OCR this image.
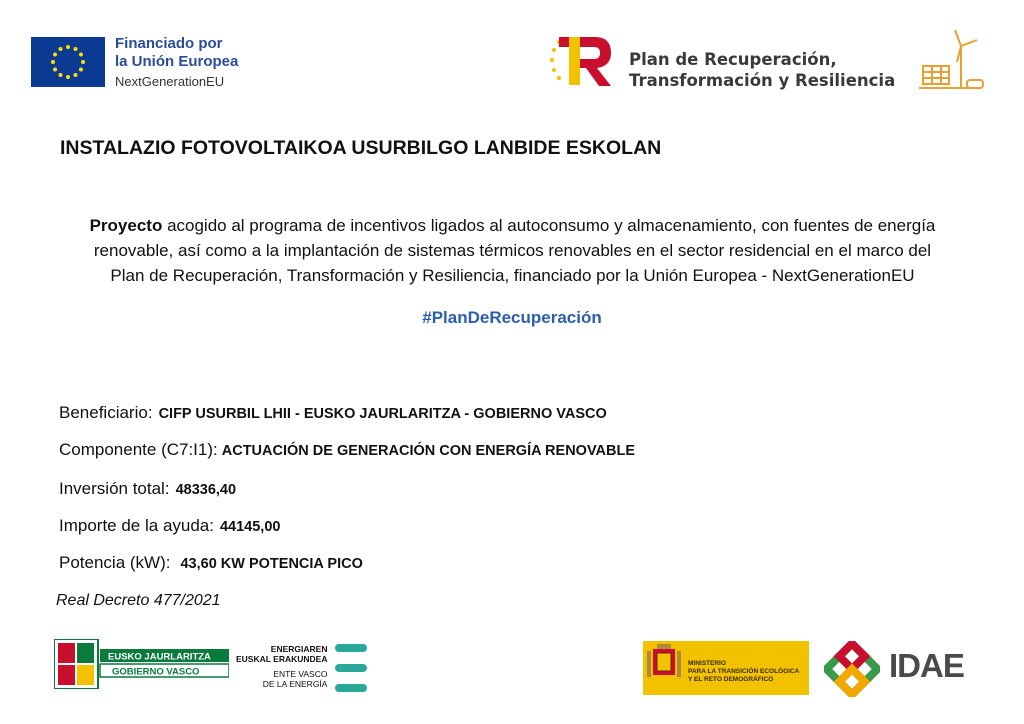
Financiado por
la Unión Europea
NextGenerationEU
Plan de Recuperación,
Transformación y Resiliencia
INSTALAZIO FOTOVOLTAIKOA USURBILGO LANBIDE ESKOLAN
Proyecto acogido al programa de incentivos ligados al autoconsumo y almacenamiento, con fuentes de energía
renovable, así como a la implantación de sistemas térmicos renovables en el sector residencial en el marco del
Plan de Recuperación, Transformación y Resiliencia, financiado por la Unión Europea - NextGenerationEU
#PlanDeRecuperación
Beneficiario: CIFP USURBIL LHII - EUSKO JAURLARITZA - GOBIERNO VASCO
Componente (C7:I1): ACTUACIÓN DE GENERACIÓN CON ENERGÍA RENOVABLE
Inversión total: 48336,40
Importe de la ayuda: 44145,00
Potencia (kW): 43,60 KW POTENCIA PICO
Real Decreto 477/2021
EUSKO JAURLARITZA
GOBIERNO VASCO
ENERGIAREN
EUSKAL ERAKUNDEA
ENTE VASCO
DE LA ENERGÍA
MINISTERIO
PARA LA TRANSICIÓN ECOLÓGICA
Y EL RETO DEMOGRÁFICO	IDAE
